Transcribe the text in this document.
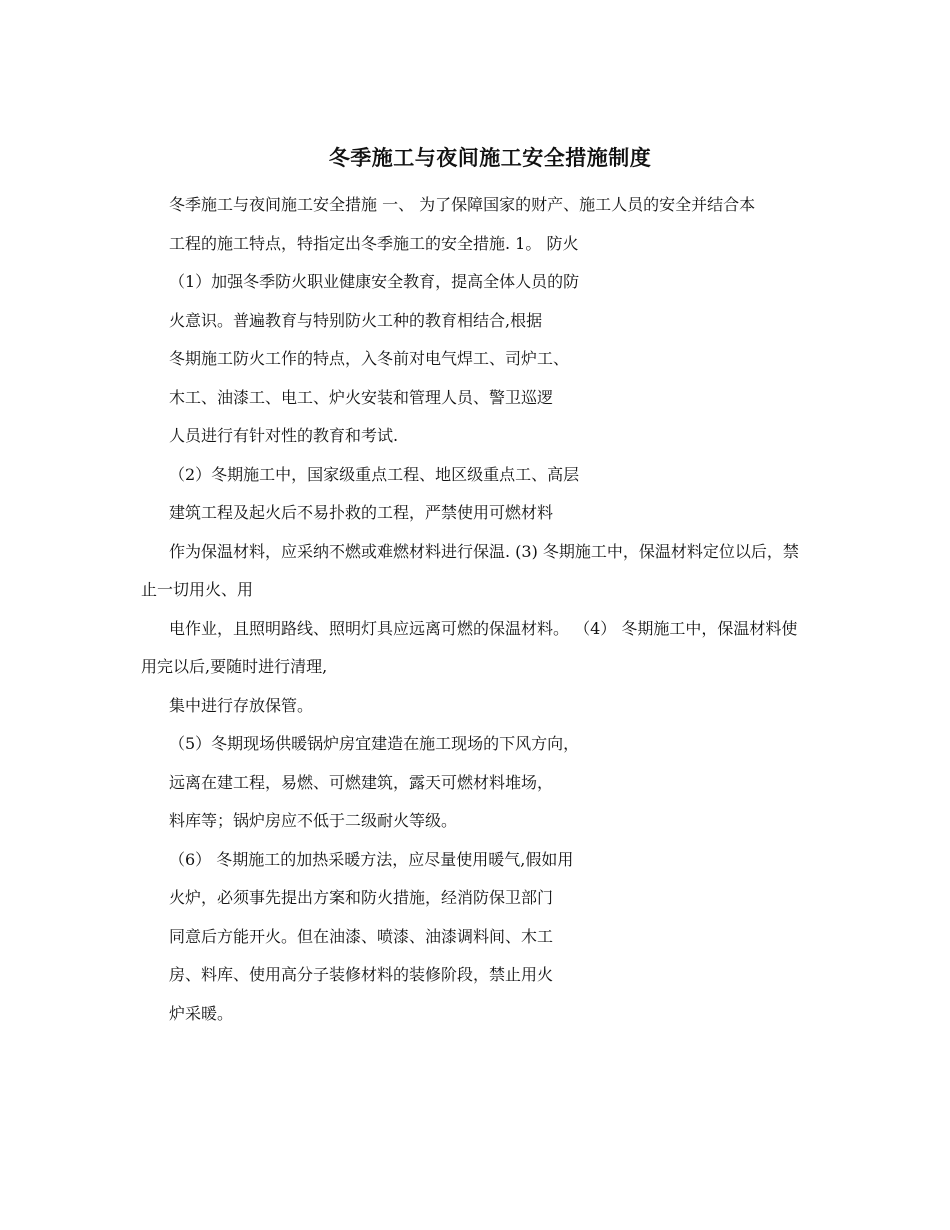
冬季施工与夜间施工安全措施制度

冬季施工与夜间施工安全措施 一、 为了保障国家的财产、施工人员的安全并结合本

工程的施工特点，特指定出冬季施工的安全措施. 1。 防火

（1）加强冬季防火职业健康安全教育，提高全体人员的防

火意识。普遍教育与特别防火工种的教育相结合,根据

冬期施工防火工作的特点，入冬前对电气焊工、司炉工、

木工、油漆工、电工、炉火安装和管理人员、警卫巡逻

人员进行有针对性的教育和考试.

（2）冬期施工中，国家级重点工程、地区级重点工、高层

建筑工程及起火后不易扑救的工程，严禁使用可燃材料

作为保温材料，应采纳不燃或难燃材料进行保温. (3) 冬期施工中，保温材料定位以后，禁止一切用火、用

电作业，且照明路线、照明灯具应远离可燃的保温材料。 （4） 冬期施工中，保温材料使用完以后,要随时进行清理,

集中进行存放保管。

（5）冬期现场供暖锅炉房宜建造在施工现场的下风方向，

远离在建工程，易燃、可燃建筑，露天可燃材料堆场，

料库等；锅炉房应不低于二级耐火等级。

（6） 冬期施工的加热采暖方法，应尽量使用暖气,假如用

火炉，必须事先提出方案和防火措施，经消防保卫部门

同意后方能开火。但在油漆、喷漆、油漆调料间、木工

房、料库、使用高分子装修材料的装修阶段，禁止用火

炉采暖。
